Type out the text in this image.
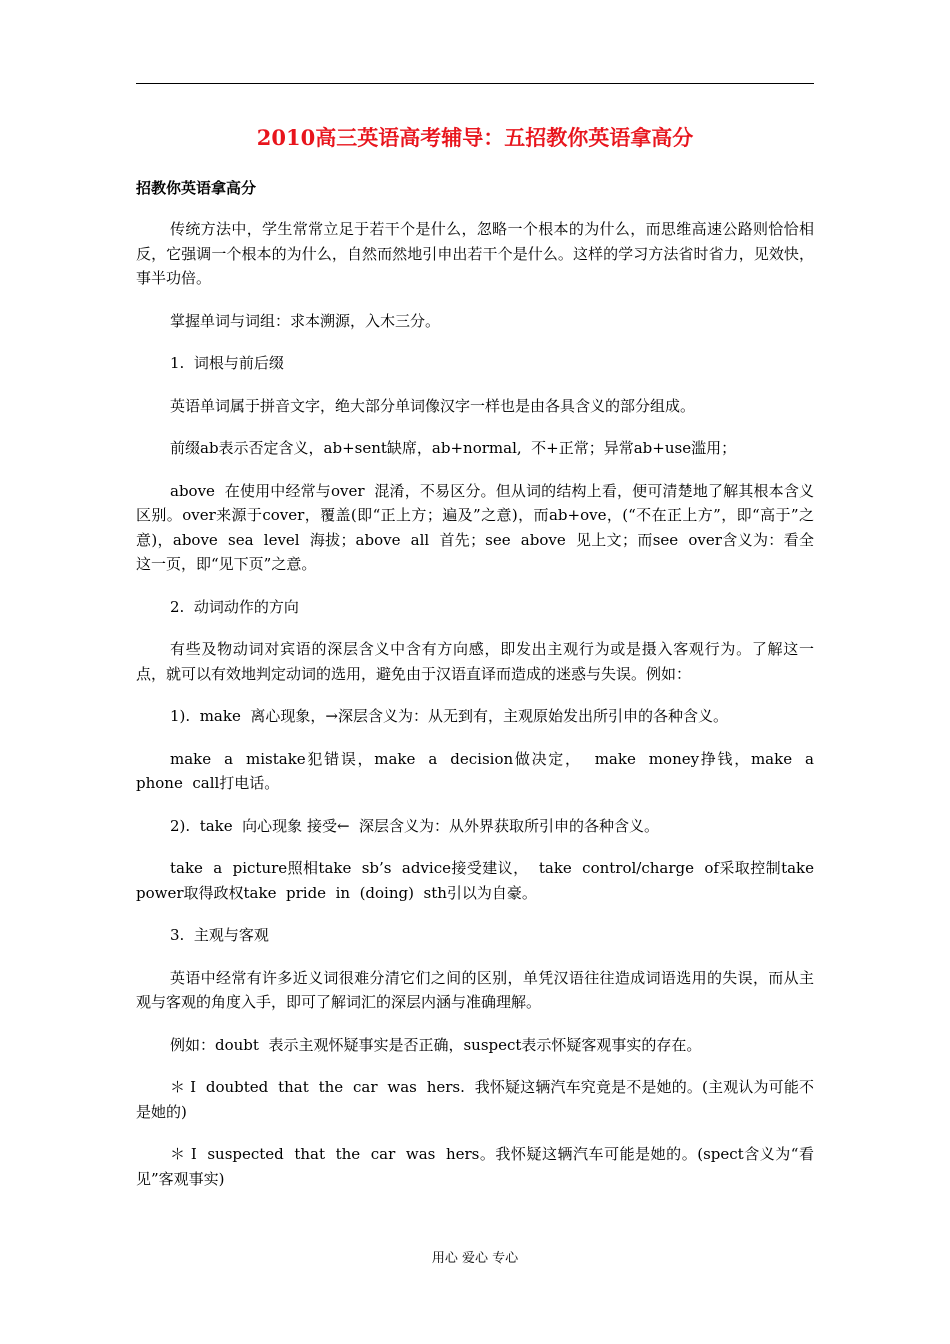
2010高三英语高考辅导：五招教你英语拿高分
招教你英语拿高分

传统方法中，学生常常立足于若干个是什么，忽略一个根本的为什么，而思维高速公路则恰恰相反，它强调一个根本的为什么，自然而然地引申出若干个是什么。这样的学习方法省时省力，见效快，事半功倍。

掌握单词与词组：求本溯源，入木三分。

1.  词根与前后缀

英语单词属于拼音文字，绝大部分单词像汉字一样也是由各具含义的部分组成。

前缀ab表示否定含义，ab+sent缺席，ab+normal,  不+正常；异常ab+use滥用；

above  在使用中经常与over  混淆，不易区分。但从词的结构上看，便可清楚地了解其根本含义区别。over来源于cover，覆盖(即“正上方；遍及”之意)，而ab+ove，(“不在正上方”，即“高于”之意)，above  sea  level  海拔；above  all  首先；see  above  见上文；而see  over含义为：看全这一页，即“见下页”之意。

2.  动词动作的方向

有些及物动词对宾语的深层含义中含有方向感，即发出主观行为或是摄入客观行为。了解这一点，就可以有效地判定动词的选用，避免由于汉语直译而造成的迷惑与失误。例如：

1).  make  离心现象，→深层含义为：从无到有，主观原始发出所引申的各种含义。

make  a  mistake犯错误，make  a  decision做决定，  make  money挣钱，make  a  phone  call打电话。

2).  take  向心现象 接受←  深层含义为：从外界获取所引申的各种含义。

take  a  picture照相take  sb’s  advice接受建议，  take  control/charge  of采取控制take  power取得政权take  pride  in  (doing)  sth引以为自豪。

3.  主观与客观

英语中经常有许多近义词很难分清它们之间的区别，单凭汉语往往造成词语选用的失误，而从主观与客观的角度入手，即可了解词汇的深层内涵与准确理解。

例如：doubt  表示主观怀疑事实是否正确，suspect表示怀疑客观事实的存在。

＊ I  doubted  that  the  car  was  hers.  我怀疑这辆汽车究竟是不是她的。(主观认为可能不是她的)

＊ I  suspected  that  the  car  was  hers。我怀疑这辆汽车可能是她的。(spect含义为“看见”客观事实)

用心 爱心 专心
